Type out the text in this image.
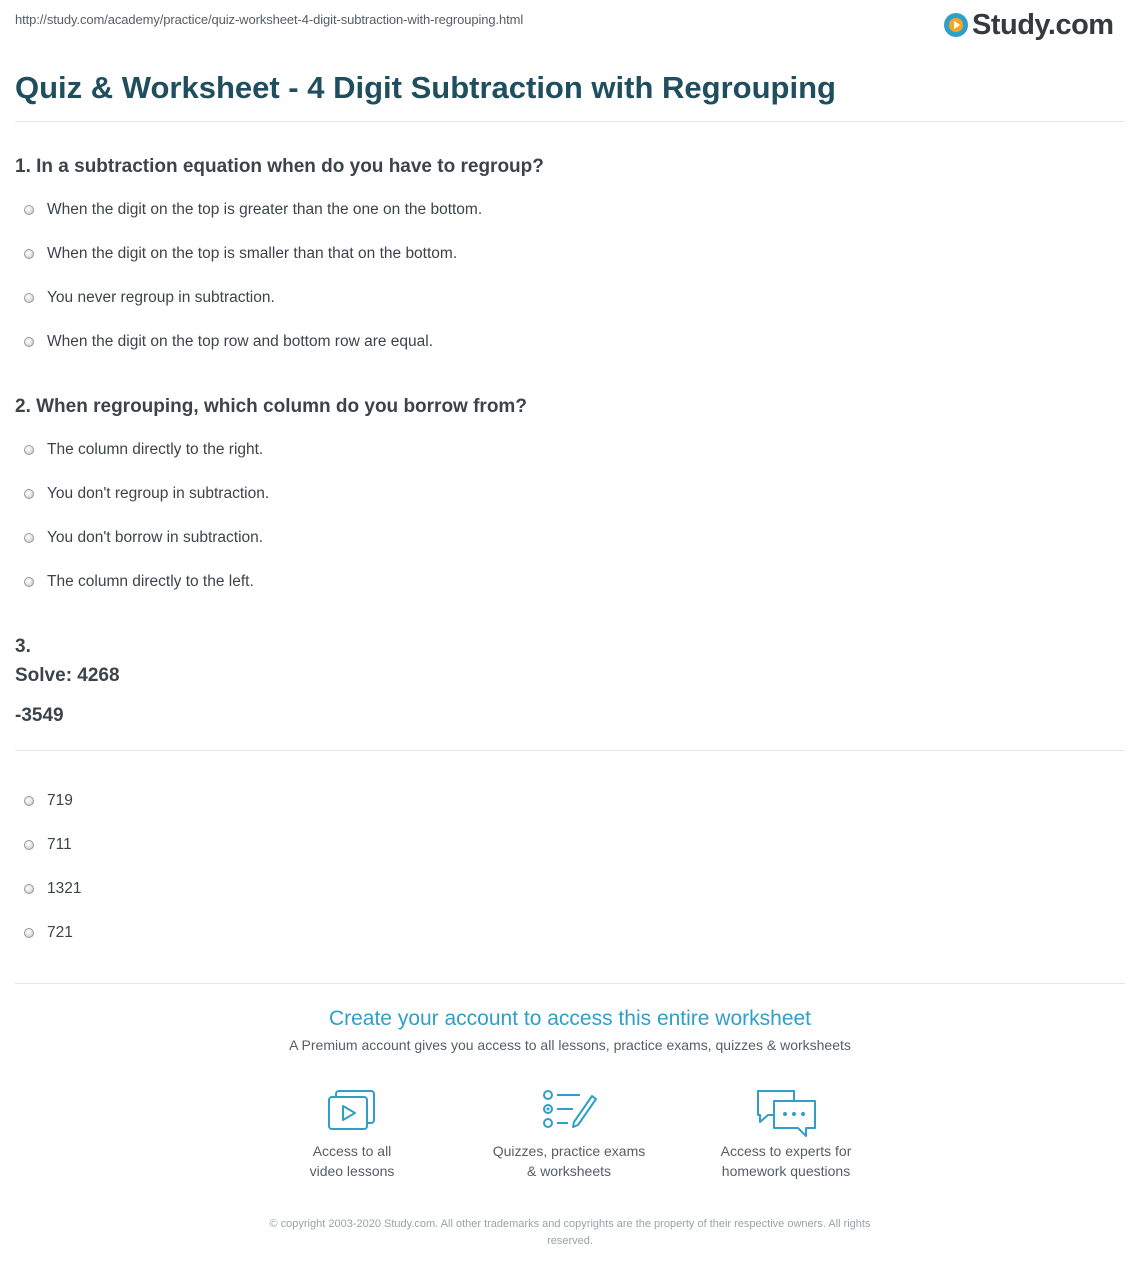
http://study.com/academy/practice/quiz-worksheet-4-digit-subtraction-with-regrouping.html	Study.com
Quiz & Worksheet - 4 Digit Subtraction with Regrouping
1. In a subtraction equation when do you have to regroup?
When the digit on the top is greater than the one on the bottom.
When the digit on the top is smaller than that on the bottom.
You never regroup in subtraction.
When the digit on the top row and bottom row are equal.
2. When regrouping, which column do you borrow from?
The column directly to the right.
You don't regroup in subtraction.
You don't borrow in subtraction.
The column directly to the left.
3.
Solve: 4268
-3549
719
711
1321
721
Create your account to access this entire worksheet
A Premium account gives you access to all lessons, practice exams, quizzes & worksheets
Access to all
video lessons
Quizzes, practice exams
& worksheets
Access to experts for
homework questions
© copyright 2003-2020 Study.com. All other trademarks and copyrights are the property of their respective owners. All rights
reserved.
